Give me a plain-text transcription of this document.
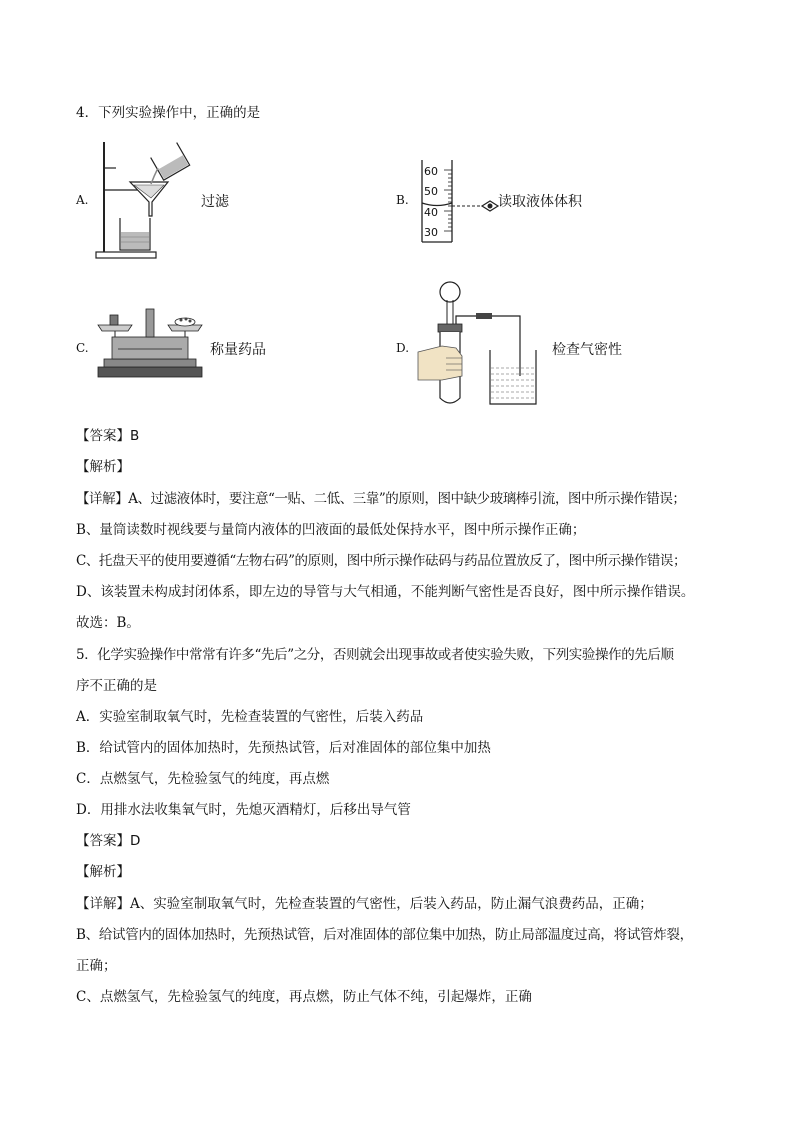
4．下列实验操作中，正确的是
A.	过滤	B.
60
50
40
30
读取液体体积
C.	称量药品	D.	检查气密性
【答案】B
【解析】
【详解】A、过滤液体时，要注意“一贴、二低、三靠”的原则，图中缺少玻璃棒引流，图中所示操作错误；
B、量筒读数时视线要与量筒内液体的凹液面的最低处保持水平，图中所示操作正确；
C、托盘天平的使用要遵循“左物右码”的原则，图中所示操作砝码与药品位置放反了，图中所示操作错误；
D、该装置未构成封闭体系，即左边的导管与大气相通，不能判断气密性是否良好，图中所示操作错误。
故选：B。
5．化学实验操作中常常有许多“先后”之分，否则就会出现事故或者使实验失败，下列实验操作的先后顺
序不正确的是
A．实验室制取氧气时，先检查装置的气密性，后装入药品
B．给试管内的固体加热时，先预热试管，后对准固体的部位集中加热
C．点燃氢气，先检验氢气的纯度，再点燃
D．用排水法收集氧气时，先熄灭酒精灯，后移出导气管
【答案】D
【解析】
【详解】A、实验室制取氧气时，先检查装置的气密性，后装入药品，防止漏气浪费药品，正确；
B、给试管内的固体加热时，先预热试管，后对准固体的部位集中加热，防止局部温度过高，将试管炸裂，
正确；
C、点燃氢气，先检验氢气的纯度，再点燃，防止气体不纯，引起爆炸，正确
